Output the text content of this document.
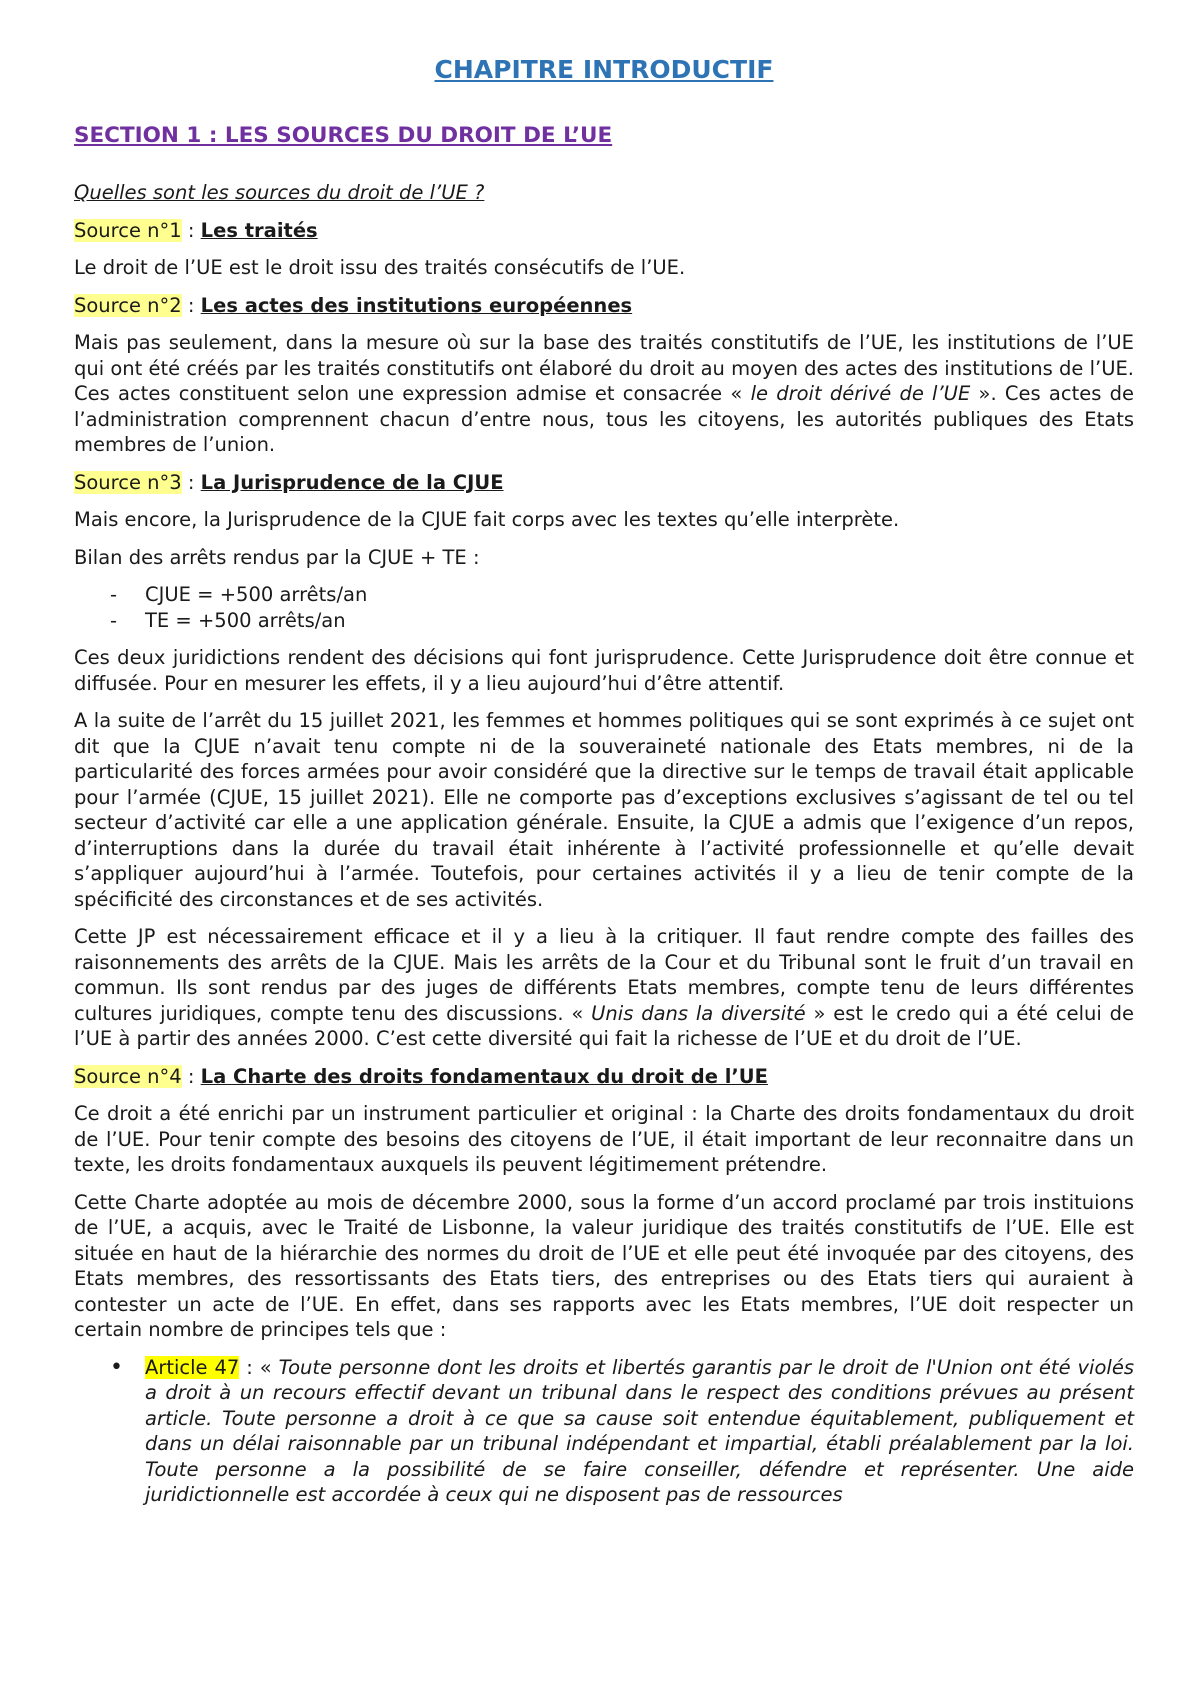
CHAPITRE INTRODUCTIF
SECTION 1 : LES SOURCES DU DROIT DE L’UE
Quelles sont les sources du droit de l’UE ?
Source n°1 : Les traités

Le droit de l’UE est le droit issu des traités consécutifs de l’UE.

Source n°2 : Les actes des institutions européennes

Mais pas seulement, dans la mesure où sur la base des traités constitutifs de l’UE, les institutions de l’UE qui ont été créés par les traités constitutifs ont élaboré du droit au moyen des actes des institutions de l’UE. Ces actes constituent selon une expression admise et consacrée « le droit dérivé de l’UE ». Ces actes de l’administration comprennent chacun d’entre nous, tous les citoyens, les autorités publiques des Etats membres de l’union.

Source n°3 : La Jurisprudence de la CJUE

Mais encore, la Jurisprudence de la CJUE fait corps avec les textes qu’elle interprète.

Bilan des arrêts rendus par la CJUE + TE :

- CJUE = +500 arrêts/an
- TE = +500 arrêts/an

Ces deux juridictions rendent des décisions qui font jurisprudence. Cette Jurisprudence doit être connue et diffusée. Pour en mesurer les effets, il y a lieu aujourd’hui d’être attentif.

A la suite de l’arrêt du 15 juillet 2021, les femmes et hommes politiques qui se sont exprimés à ce sujet ont dit que la CJUE n’avait tenu compte ni de la souveraineté nationale des Etats membres, ni de la particularité des forces armées pour avoir considéré que la directive sur le temps de travail était applicable pour l’armée (CJUE, 15 juillet 2021). Elle ne comporte pas d’exceptions exclusives s’agissant de tel ou tel secteur d’activité car elle a une application générale. Ensuite, la CJUE a admis que l’exigence d’un repos, d’interruptions dans la durée du travail était inhérente à l’activité professionnelle et qu’elle devait s’appliquer aujourd’hui à l’armée. Toutefois, pour certaines activités il y a lieu de tenir compte de la spécificité des circonstances et de ses activités.

Cette JP est nécessairement efficace et il y a lieu à la critiquer. Il faut rendre compte des failles des raisonnements des arrêts de la CJUE. Mais les arrêts de la Cour et du Tribunal sont le fruit d’un travail en commun. Ils sont rendus par des juges de différents Etats membres, compte tenu de leurs différentes cultures juridiques, compte tenu des discussions. « Unis dans la diversité » est le credo qui a été celui de l’UE à partir des années 2000. C’est cette diversité qui fait la richesse de l’UE et du droit de l’UE.

Source n°4 : La Charte des droits fondamentaux du droit de l’UE

Ce droit a été enrichi par un instrument particulier et original : la Charte des droits fondamentaux du droit de l’UE. Pour tenir compte des besoins des citoyens de l’UE, il était important de leur reconnaitre dans un texte, les droits fondamentaux auxquels ils peuvent légitimement prétendre.

Cette Charte adoptée au mois de décembre 2000, sous la forme d’un accord proclamé par trois instituions de l’UE, a acquis, avec le Traité de Lisbonne, la valeur juridique des traités constitutifs de l’UE. Elle est située en haut de la hiérarchie des normes du droit de l’UE et elle peut été invoquée par des citoyens, des Etats membres, des ressortissants des Etats tiers, des entreprises ou des Etats tiers qui auraient à contester un acte de l’UE. En effet, dans ses rapports avec les Etats membres, l’UE doit respecter un certain nombre de principes tels que :

• Article 47 : « Toute personne dont les droits et libertés garantis par le droit de l'Union ont été violés a droit à un recours effectif devant un tribunal dans le respect des conditions prévues au présent article. Toute personne a droit à ce que sa cause soit entendue équitablement, publiquement et dans un délai raisonnable par un tribunal indépendant et impartial, établi préalablement par la loi. Toute personne a la possibilité de se faire conseiller, défendre et représenter. Une aide juridictionnelle est accordée à ceux qui ne disposent pas de ressources
